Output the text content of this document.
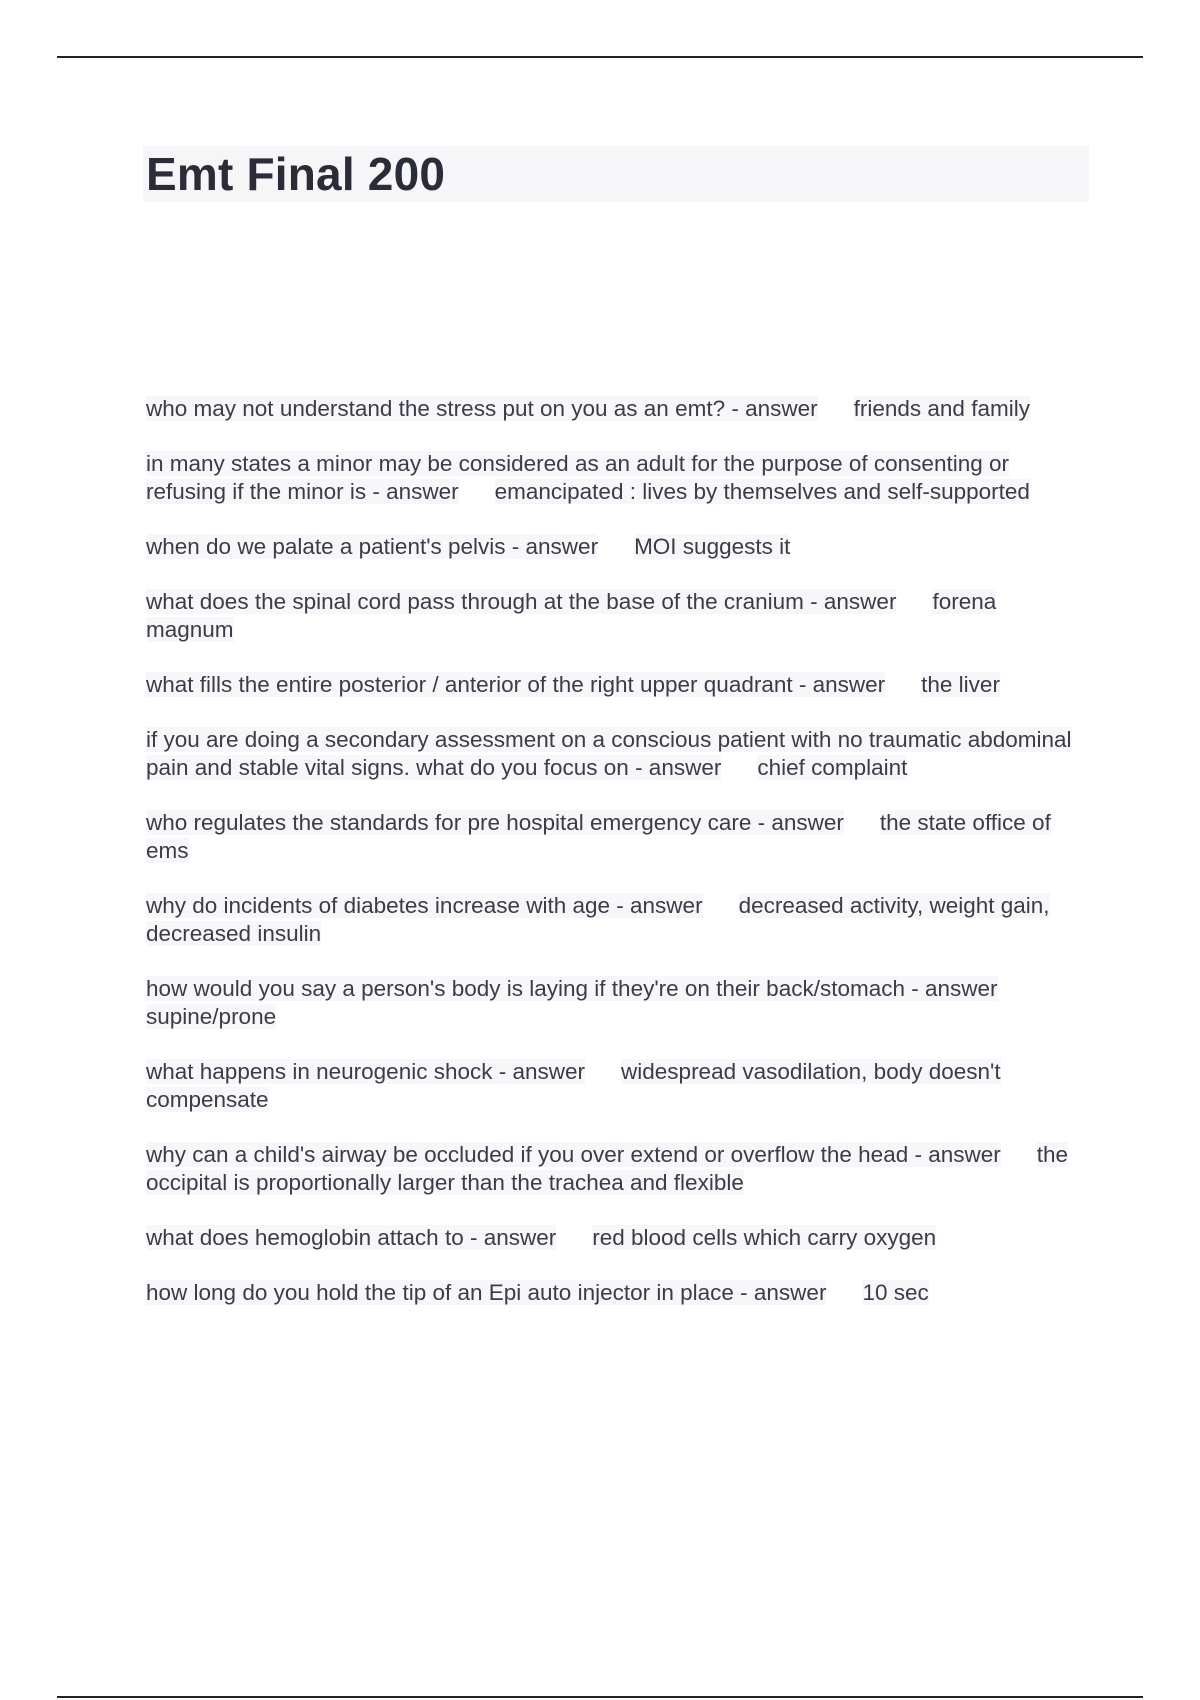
Emt Final 200
who may not understand the stress put on you as an emt? - answer friends and family
in many states a minor may be considered as an adult for the purpose of consenting or refusing if the minor is - answer emancipated : lives by themselves and self-supported
when do we palate a patient's pelvis - answer MOI suggests it
what does the spinal cord pass through at the base of the cranium - answer forena magnum
what fills the entire posterior / anterior of the right upper quadrant - answer the liver
if you are doing a secondary assessment on a conscious patient with no traumatic abdominal pain and stable vital signs. what do you focus on - answer chief complaint
who regulates the standards for pre hospital emergency care - answer the state office of ems
why do incidents of diabetes increase with age - answer decreased activity, weight gain, decreased insulin
how would you say a person's body is laying if they're on their back/stomach - answersupine/prone
what happens in neurogenic shock - answer widespread vasodilation, body doesn't compensate
why can a child's airway be occluded if you over extend or overflow the head - answer the occipital is proportionally larger than the trachea and flexible
what does hemoglobin attach to - answer red blood cells which carry oxygen
how long do you hold the tip of an Epi auto injector in place - answer 10 sec
